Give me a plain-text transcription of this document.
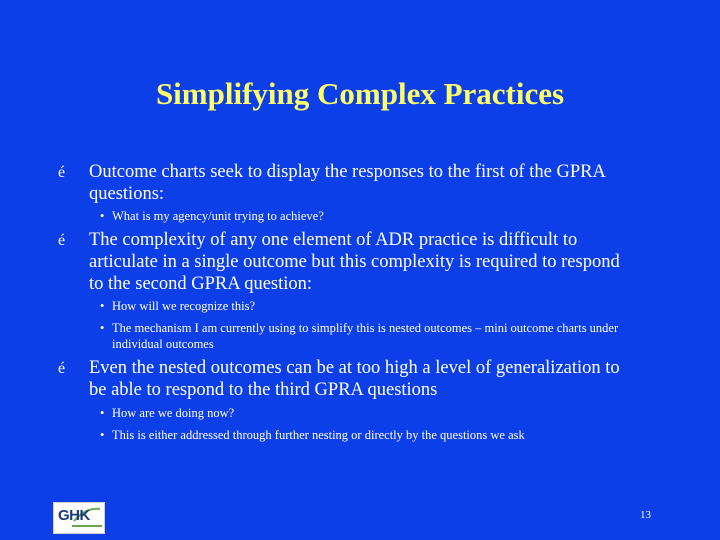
Simplifying Complex Practices
é	Outcome charts seek to display the responses to the first of the GPRA questions:
• What is my agency/unit trying to achieve?
é	The complexity of any one element of ADR practice is difficult to articulate in a single outcome but this complexity is required to respond to the second GPRA question:
• How will we recognize this?
• The mechanism I am currently using to simplify this is nested outcomes – mini outcome charts under individual outcomes
é	Even the nested outcomes can be at too high a level of generalization to be able to respond to the third GPRA questions
• How are we doing now?
• This is either addressed through further nesting or directly by the questions we ask
GHK	13
